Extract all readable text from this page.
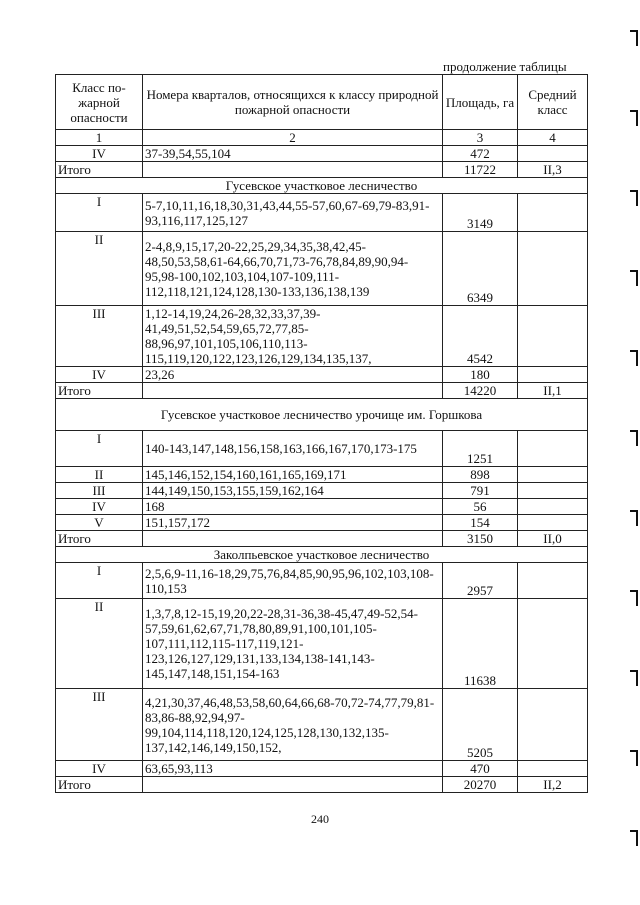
продолжение таблицы
Класс по-жарной опасности	Номера кварталов, относящихся к классу природной пожарной опасности	Площадь, га	Средний класс
1	2	3	4
IV	37-39,54,55,104	472	
Итого		11722	II,3
Гусевское участковое лесничество			
I	5-7,10,11,16,18,30,31,43,44,55-57,60,67-69,79-83,91-93,116,117,125,127	3149	
II	2-4,8,9,15,17,20-22,25,29,34,35,38,42,45-48,50,53,58,61-64,66,70,71,73-76,78,84,89,90,94-95,98-100,102,103,104,107-109,111-112,118,121,124,128,130-133,136,138,139	6349	
III	1,12-14,19,24,26-28,32,33,37,39-41,49,51,52,54,59,65,72,77,85-88,96,97,101,105,106,110,113-115,119,120,122,123,126,129,134,135,137,	4542	
IV	23,26	180	
Итого		14220	II,1
Гусевское участковое лесничество урочище им. Горшкова			
I	140-143,147,148,156,158,163,166,167,170,173-175	1251	
II	145,146,152,154,160,161,165,169,171	898	
III	144,149,150,153,155,159,162,164	791	
IV	168	56	
V	151,157,172	154	
Итого		3150	II,0
Заколпьевское участковое лесничество			
I	2,5,6,9-11,16-18,29,75,76,84,85,90,95,96,102,103,108-110,153	2957	
II	1,3,7,8,12-15,19,20,22-28,31-36,38-45,47,49-52,54-57,59,61,62,67,71,78,80,89,91,100,101,105-107,111,112,115-117,119,121-123,126,127,129,131,133,134,138-141,143-145,147,148,151,154-163	11638	
III	4,21,30,37,46,48,53,58,60,64,66,68-70,72-74,77,79,81-83,86-88,92,94,97-99,104,114,118,120,124,125,128,130,132,135-137,142,146,149,150,152,	5205	
IV	63,65,93,113	470	
Итого		20270	II,2
240
